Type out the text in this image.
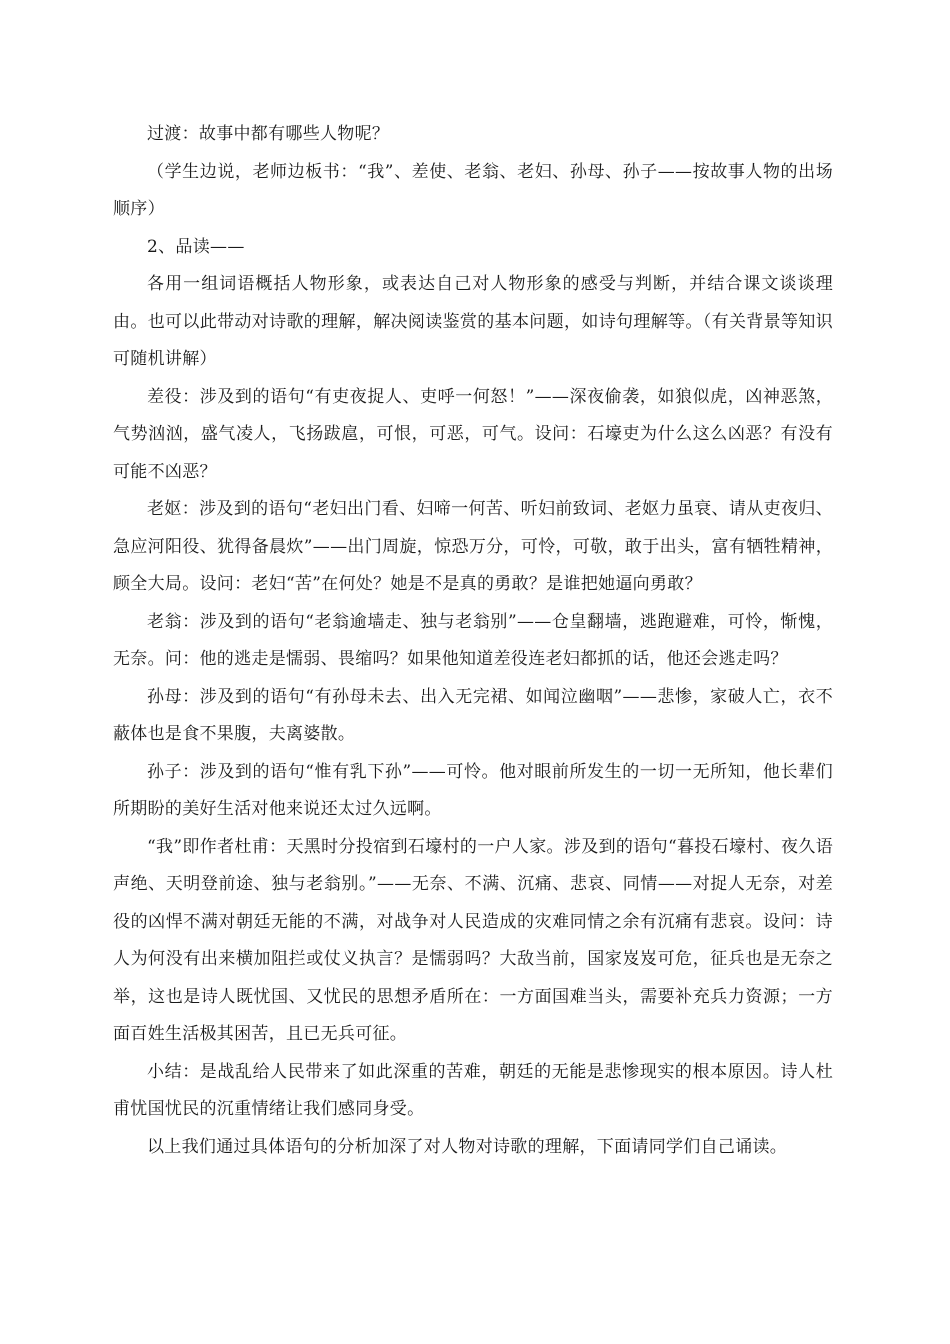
过渡：故事中都有哪些人物呢？

（学生边说，老师边板书：“我”、差使、老翁、老妇、孙母、孙子——按故事人物的出场顺序）

2、品读——

各用一组词语概括人物形象，或表达自己对人物形象的感受与判断，并结合课文谈谈理由。也可以此带动对诗歌的理解，解决阅读鉴赏的基本问题，如诗句理解等。（有关背景等知识可随机讲解）

差役：涉及到的语句“有吏夜捉人、吏呼一何怒！”——深夜偷袭，如狼似虎，凶神恶煞，气势汹汹，盛气凌人，飞扬跋扈，可恨，可恶，可气。设问：石壕吏为什么这么凶恶？有没有可能不凶恶？

老妪：涉及到的语句“老妇出门看、妇啼一何苦、听妇前致词、老妪力虽衰、请从吏夜归、急应河阳役、犹得备晨炊”——出门周旋，惊恐万分，可怜，可敬，敢于出头，富有牺牲精神，顾全大局。设问：老妇“苦”在何处？她是不是真的勇敢？是谁把她逼向勇敢？

老翁：涉及到的语句“老翁逾墙走、独与老翁别”——仓皇翻墙，逃跑避难，可怜，惭愧，无奈。问：他的逃走是懦弱、畏缩吗？如果他知道差役连老妇都抓的话，他还会逃走吗？

孙母：涉及到的语句“有孙母未去、出入无完裙、如闻泣幽咽”——悲惨，家破人亡，衣不蔽体也是食不果腹，夫离婆散。

孙子：涉及到的语句“惟有乳下孙”——可怜。他对眼前所发生的一切一无所知，他长辈们所期盼的美好生活对他来说还太过久远啊。

“我”即作者杜甫：天黑时分投宿到石壕村的一户人家。涉及到的语句“暮投石壕村、夜久语声绝、天明登前途、独与老翁别。”——无奈、不满、沉痛、悲哀、同情——对捉人无奈，对差役的凶悍不满对朝廷无能的不满，对战争对人民造成的灾难同情之余有沉痛有悲哀。设问：诗人为何没有出来横加阻拦或仗义执言？是懦弱吗？大敌当前，国家岌岌可危，征兵也是无奈之举，这也是诗人既忧国、又忧民的思想矛盾所在：一方面国难当头，需要补充兵力资源；一方面百姓生活极其困苦，且已无兵可征。

小结：是战乱给人民带来了如此深重的苦难，朝廷的无能是悲惨现实的根本原因。诗人杜甫忧国忧民的沉重情绪让我们感同身受。

以上我们通过具体语句的分析加深了对人物对诗歌的理解，下面请同学们自己诵读。
